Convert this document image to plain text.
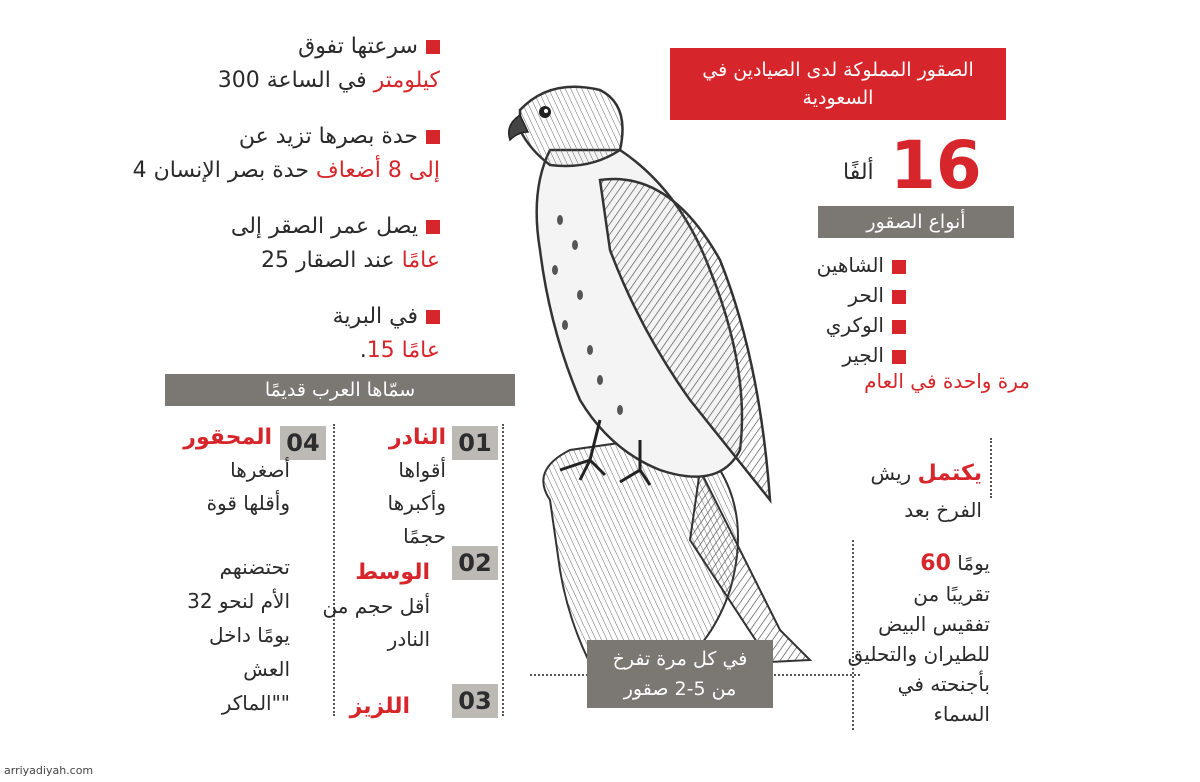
سرعتها تفوق
كيلومتر في الساعة 300
حدة بصرها تزيد عن
إلى 8 أضعاف حدة بصر الإنسان 4
يصل عمر الصقر إلى
عامًا عند الصقار 25
في البرية
عامًا 15.
سمّاها العرب قديمًا
01
النادر
أقواها
وأكبرها
حجمًا
02
الوسط
أقل حجم من
النادر
03
اللزيز
04
المحقور
أصغرها
وأقلها قوة
تحتضنهم
الأم لنحو 32
يومًا داخل
العش
""الماكر
الصقور المملوكة لدى الصيادين في السعودية
16
ألفًا
أنواع الصقور
الشاهين
الحر
الوكري
الجير
مرة واحدة في العام
يكتمل ريش
الفرخ بعد
يومًا 60
تقريبًا من
تفقيس البيض
للطيران والتحليق
بأجنحته في
السماء
في كل مرة تفرخ
من 5-2 صقور
arriyadiyah.com
